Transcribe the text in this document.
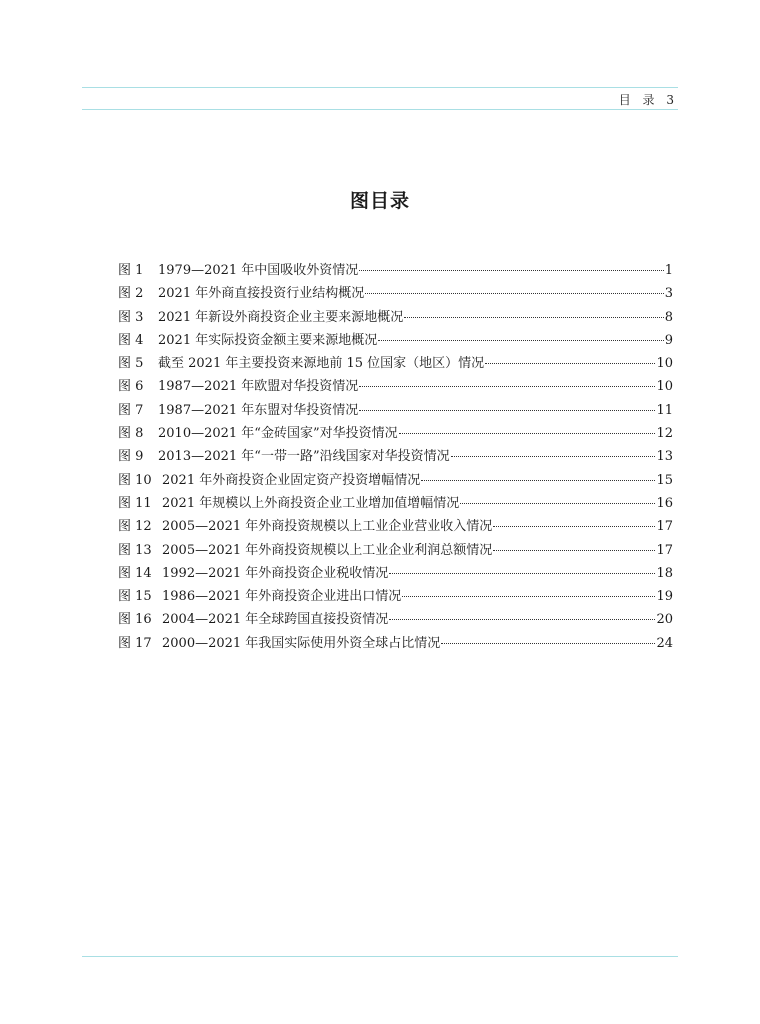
目 录 3
图目录
图 1	1979—2021 年中国吸收外资情况	1
图 2	2021 年外商直接投资行业结构概况	3
图 3	2021 年新设外商投资企业主要来源地概况	8
图 4	2021 年实际投资金额主要来源地概况	9
图 5	截至 2021 年主要投资来源地前 15 位国家（地区）情况	10
图 6	1987—2021 年欧盟对华投资情况	10
图 7	1987—2021 年东盟对华投资情况	11
图 8	2010—2021 年“金砖国家”对华投资情况	12
图 9	2013—2021 年“一带一路”沿线国家对华投资情况	13
图 10 2021 年外商投资企业固定资产投资增幅情况	15
图 11 2021 年规模以上外商投资企业工业增加值增幅情况	16
图 12 2005—2021 年外商投资规模以上工业企业营业收入情况	17
图 13 2005—2021 年外商投资规模以上工业企业利润总额情况	17
图 14 1992—2021 年外商投资企业税收情况	18
图 15 1986—2021 年外商投资企业进出口情况	19
图 16 2004—2021 年全球跨国直接投资情况	20
图 17 2000—2021 年我国实际使用外资全球占比情况	24
